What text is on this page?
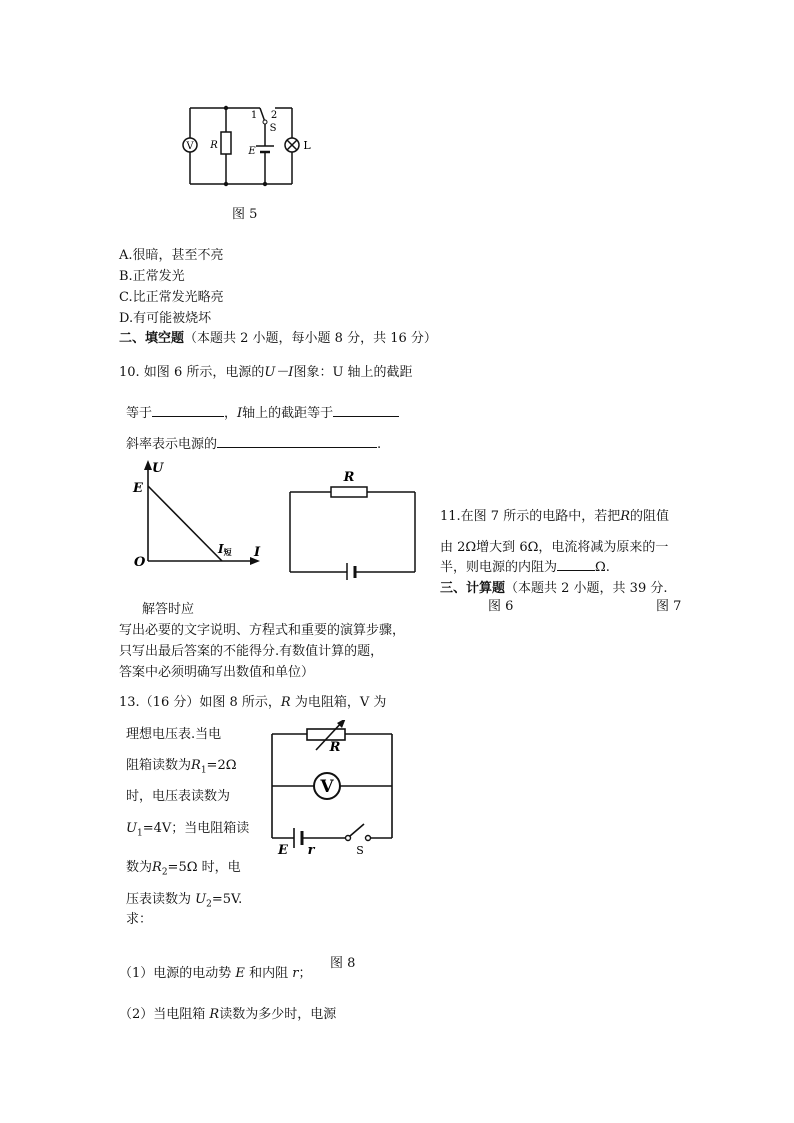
V R
1 2
S
E	L
图 5
A.很暗，甚至不亮
B.正常发光
C.比正常发光略亮
D.有可能被烧坏
二、填空题（本题共 2 小题，每小题 8 分，共 16 分）
10. 如图 6 所示，电源的U－I图象：U 轴上的截距
等于	，I轴上的截距等于
斜率表示电源的	.
U
E
O
I短 I
R
11.在图 7 所示的电路中，若把R的阻值
由 2Ω增大到 6Ω，电流将减为原来的一
半，则电源的内阻为	Ω.
三、计算题（本题共 2 小题，共 39 分.
图 6	图 7
解答时应
写出必要的文字说明、方程式和重要的演算步骤，
只写出最后答案的不能得分.有数值计算的题，
答案中必须明确写出数值和单位）
13.（16 分）如图 8 所示，R 为电阻箱，V 为
理想电压表.当电
阻箱读数为$R_1=2\Omega$
时，电压表读数为
$U_1=4V$；当电阻箱读
数为$R_2=5\Omega$ 时，电
压表读数为 $U_2=5V$.
求：
R
V
E r	S
图 8
（1）电源的电动势 E 和内阻 r；
（2）当电阻箱 R读数为多少时，电源
